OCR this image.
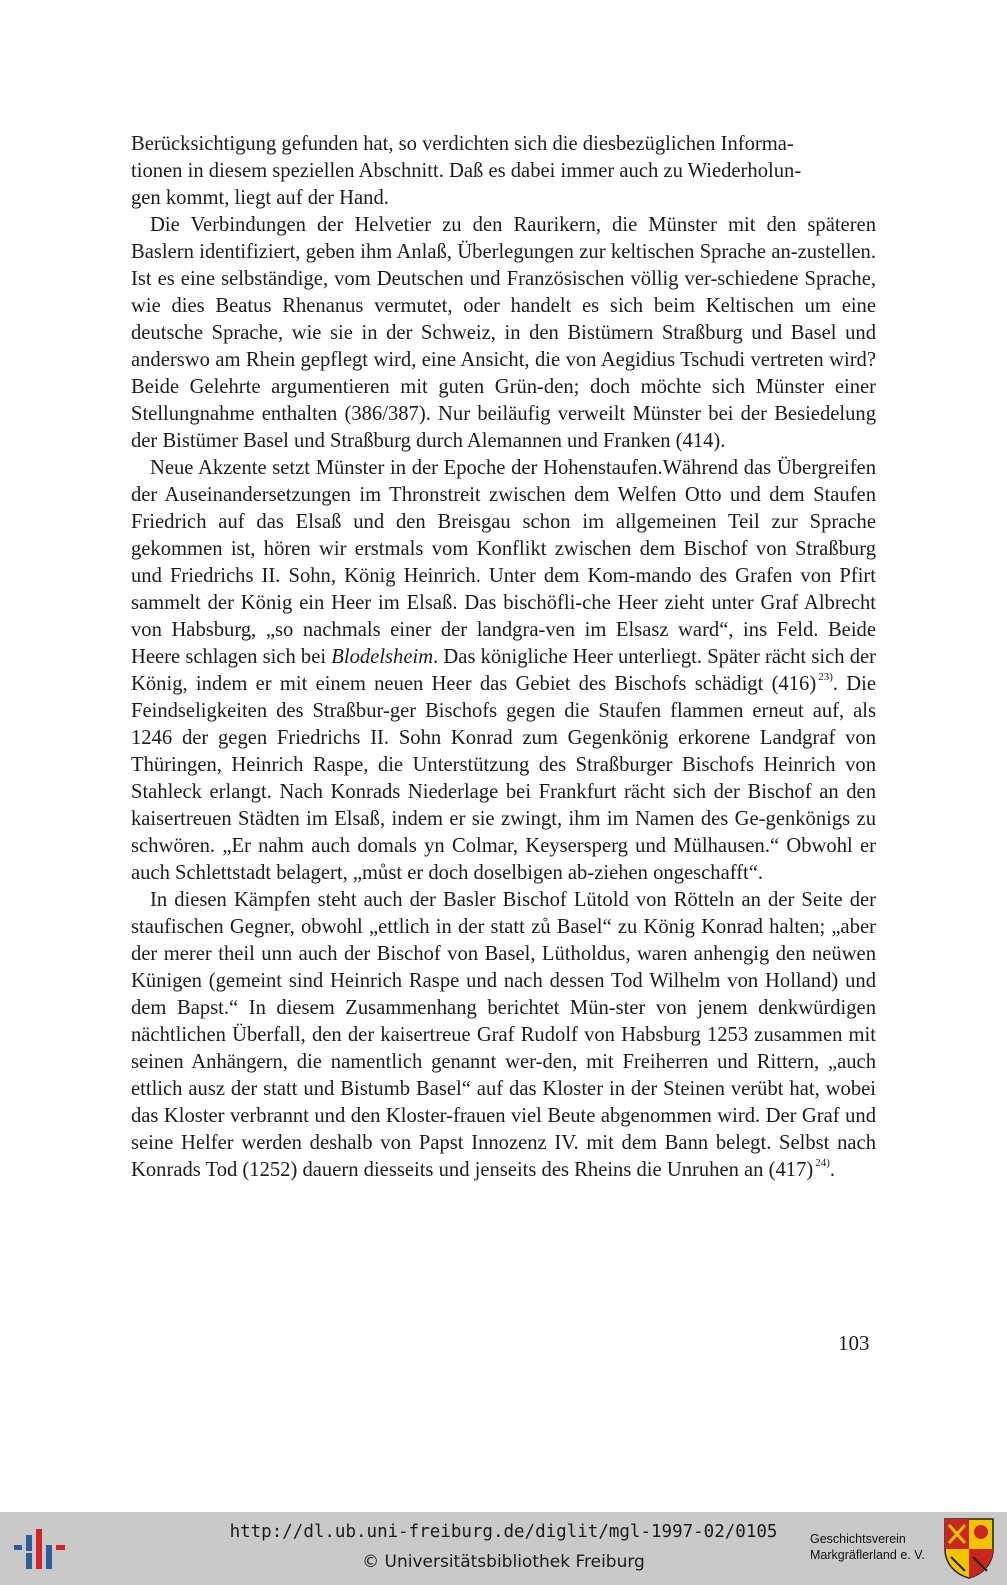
Berücksichtigung gefunden hat, so verdichten sich die diesbezüglichen Informa-
tionen in diesem speziellen Abschnitt. Daß es dabei immer auch zu Wiederholun-
gen kommt, liegt auf der Hand.

Die Verbindungen der Helvetier zu den Raurikern, die Münster mit den späteren Baslern identifiziert, geben ihm Anlaß, Überlegungen zur keltischen Sprache an-zustellen. Ist es eine selbständige, vom Deutschen und Französischen völlig ver-schiedene Sprache, wie dies Beatus Rhenanus vermutet, oder handelt es sich beim Keltischen um eine deutsche Sprache, wie sie in der Schweiz, in den Bistümern Straßburg und Basel und anderswo am Rhein gepflegt wird, eine Ansicht, die von Aegidius Tschudi vertreten wird? Beide Gelehrte argumentieren mit guten Grün-den; doch möchte sich Münster einer Stellungnahme enthalten (386/387). Nur beiläufig verweilt Münster bei der Besiedelung der Bistümer Basel und Straßburg durch Alemannen und Franken (414).

Neue Akzente setzt Münster in der Epoche der Hohenstaufen.Während das Übergreifen der Auseinandersetzungen im Thronstreit zwischen dem Welfen Otto und dem Staufen Friedrich auf das Elsaß und den Breisgau schon im allgemeinen Teil zur Sprache gekommen ist, hören wir erstmals vom Konflikt zwischen dem Bischof von Straßburg und Friedrichs II. Sohn, König Heinrich. Unter dem Kom-mando des Grafen von Pfirt sammelt der König ein Heer im Elsaß. Das bischöfli-che Heer zieht unter Graf Albrecht von Habsburg, „so nachmals einer der landgra-ven im Elsasz ward“, ins Feld. Beide Heere schlagen sich bei Blodelsheim. Das königliche Heer unterliegt. Später rächt sich der König, indem er mit einem neuen Heer das Gebiet des Bischofs schädigt (416) $^{23)}$. Die Feindseligkeiten des Straßbur-ger Bischofs gegen die Staufen flammen erneut auf, als 1246 der gegen Friedrichs II. Sohn Konrad zum Gegenkönig erkorene Landgraf von Thüringen, Heinrich Raspe, die Unterstützung des Straßburger Bischofs Heinrich von Stahleck erlangt. Nach Konrads Niederlage bei Frankfurt rächt sich der Bischof an den kaisertreuen Städten im Elsaß, indem er sie zwingt, ihm im Namen des Ge-genkönigs zu schwören. „Er nahm auch domals yn Colmar, Keysersperg und Mülhausen.“ Obwohl er auch Schlettstadt belagert, „můst er doch doselbigen ab-ziehen ongeschafft“.

In diesen Kämpfen steht auch der Basler Bischof Lütold von Rötteln an der Seite der staufischen Gegner, obwohl „ettlich in der statt zů Basel“ zu König Konrad halten; „aber der merer theil unn auch der Bischof von Basel, Lütholdus, waren anhengig den neüwen Künigen (gemeint sind Heinrich Raspe und nach dessen Tod Wilhelm von Holland) und dem Bapst.“ In diesem Zusammenhang berichtet Mün-ster von jenem denkwürdigen nächtlichen Überfall, den der kaisertreue Graf Rudolf von Habsburg 1253 zusammen mit seinen Anhängern, die namentlich genannt wer-den, mit Freiherren und Rittern, „auch ettlich ausz der statt und Bistumb Basel“ auf das Kloster in der Steinen verübt hat, wobei das Kloster verbrannt und den Kloster-frauen viel Beute abgenommen wird. Der Graf und seine Helfer werden deshalb von Papst Innozenz IV. mit dem Bann belegt. Selbst nach Konrads Tod (1252) dauern diesseits und jenseits des Rheins die Unruhen an (417) $^{24)}$.

103
http://dl.ub.uni-freiburg.de/diglit/mgl-1997-02/0105
© Universitätsbibliothek Freiburg
Geschichtsverein
Markgräflerland e. V.
